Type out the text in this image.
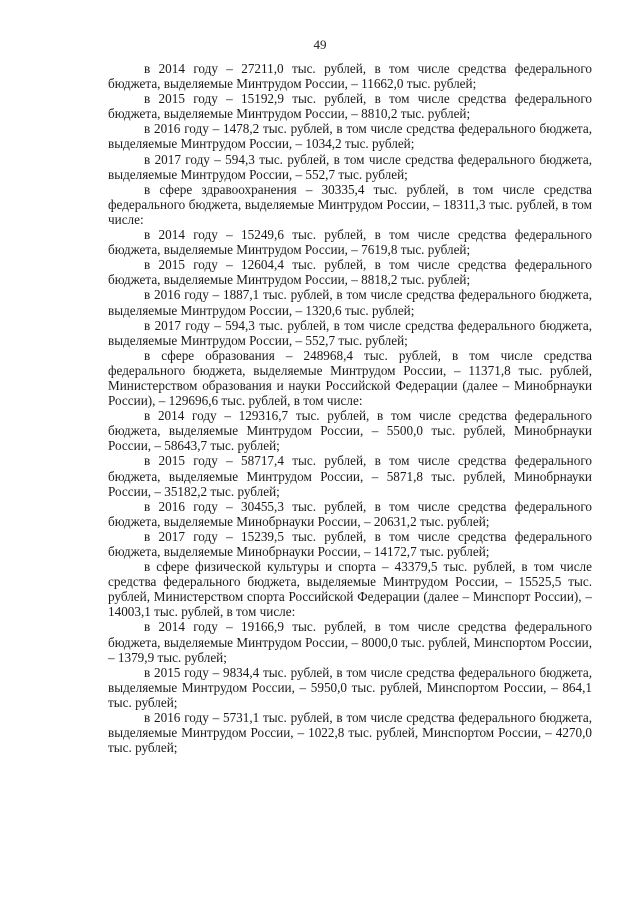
49

в 2014 году – 27211,0 тыс. рублей, в том числе средства федерального бюджета, выделяемые Минтрудом России, – 11662,0 тыс. рублей;

в 2015 году – 15192,9 тыс. рублей, в том числе средства федерального бюджета, выделяемые Минтрудом России, – 8810,2 тыс. рублей;

в 2016 году – 1478,2 тыс. рублей, в том числе средства федерального бюджета, выделяемые Минтрудом России, – 1034,2 тыс. рублей;

в 2017 году – 594,3 тыс. рублей, в том числе средства федерального бюджета, выделяемые Минтрудом России, – 552,7 тыс. рублей;

в сфере здравоохранения – 30335,4 тыс. рублей, в том числе средства федерального бюджета, выделяемые Минтрудом России, – 18311,3 тыс. рублей, в том числе:

в 2014 году – 15249,6 тыс. рублей, в том числе средства федерального бюджета, выделяемые Минтрудом России, – 7619,8 тыс. рублей;

в 2015 году – 12604,4 тыс. рублей, в том числе средства федерального бюджета, выделяемые Минтрудом России, – 8818,2 тыс. рублей;

в 2016 году – 1887,1 тыс. рублей, в том числе средства федерального бюджета, выделяемые Минтрудом России, – 1320,6 тыс. рублей;

в 2017 году – 594,3 тыс. рублей, в том числе средства федерального бюджета, выделяемые Минтрудом России, – 552,7 тыс. рублей;

в сфере образования – 248968,4 тыс. рублей, в том числе средства федерального бюджета, выделяемые Минтрудом России, – 11371,8 тыс. рублей, Министерством образования и науки Российской Федерации (далее – Минобрнауки России), – 129696,6 тыс. рублей, в том числе:

в 2014 году – 129316,7 тыс. рублей, в том числе средства федерального бюджета, выделяемые Минтрудом России, – 5500,0 тыс. рублей, Минобрнауки России, – 58643,7 тыс. рублей;

в 2015 году – 58717,4 тыс. рублей, в том числе средства федерального бюджета, выделяемые Минтрудом России, – 5871,8 тыс. рублей, Минобрнауки России, – 35182,2 тыс. рублей;

в 2016 году – 30455,3 тыс. рублей, в том числе средства федерального бюджета, выделяемые Минобрнауки России, – 20631,2 тыс. рублей;

в 2017 году – 15239,5 тыс. рублей, в том числе средства федерального бюджета, выделяемые Минобрнауки России, – 14172,7 тыс. рублей;

в сфере физической культуры и спорта – 43379,5 тыс. рублей, в том числе средства федерального бюджета, выделяемые Минтрудом России, – 15525,5 тыс. рублей, Министерством спорта Российской Федерации (далее – Минспорт России), – 14003,1 тыс. рублей, в том числе:

в 2014 году – 19166,9 тыс. рублей, в том числе средства федерального бюджета, выделяемые Минтрудом России, – 8000,0 тыс. рублей, Минспортом России, – 1379,9 тыс. рублей;

в 2015 году – 9834,4 тыс. рублей, в том числе средства федерального бюджета, выделяемые Минтрудом России, – 5950,0 тыс. рублей, Минспортом России, – 864,1 тыс. рублей;

в 2016 году – 5731,1 тыс. рублей, в том числе средства федерального бюджета, выделяемые Минтрудом России, – 1022,8 тыс. рублей, Минспортом России, – 4270,0 тыс. рублей;
